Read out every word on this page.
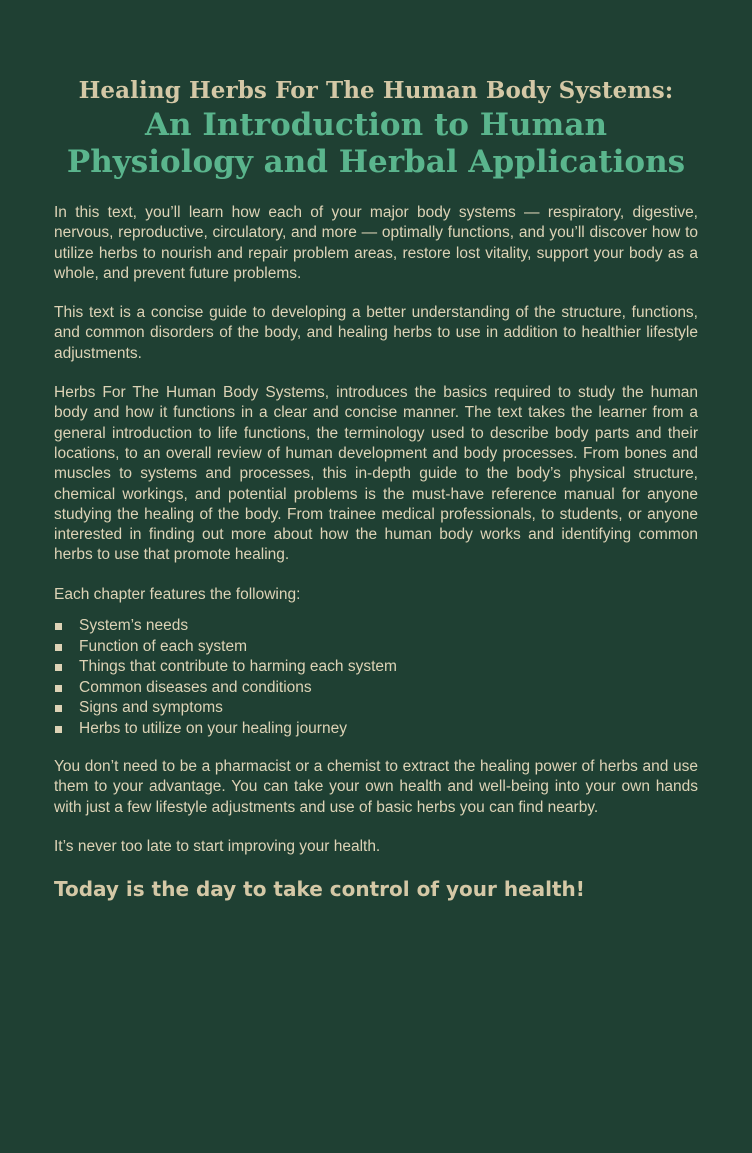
Healing Herbs For The Human Body Systems:
An Introduction to Human
Physiology and Herbal Applications

In this text, you’ll learn how each of your major body systems — respiratory, digestive, nervous, reproductive, circulatory, and more — optimally functions, and you’ll discover how to utilize herbs to nourish and repair problem areas, restore lost vitality, support your body as a whole, and prevent future problems.

This text is a concise guide to developing a better understanding of the structure, functions, and common disorders of the body, and healing herbs to use in addition to healthier lifestyle adjustments.

Herbs For The Human Body Systems, introduces the basics required to study the human body and how it functions in a clear and concise manner. The text takes the learner from a general introduction to life functions, the terminology used to describe body parts and their locations, to an overall review of human development and body processes. From bones and muscles to systems and processes, this in-depth guide to the body’s physical structure, chemical workings, and potential problems is the must-have reference manual for anyone studying the healing of the body. From trainee medical professionals, to students, or anyone interested in finding out more about how the human body works and identifying common herbs to use that promote healing.

Each chapter features the following:

System’s needs
Function of each system
Things that contribute to harming each system
Common diseases and conditions
Signs and symptoms
Herbs to utilize on your healing journey

You don’t need to be a pharmacist or a chemist to extract the healing power of herbs and use them to your advantage. You can take your own health and well-being into your own hands with just a few lifestyle adjustments and use of basic herbs you can find nearby.

It’s never too late to start improving your health.

Today is the day to take control of your health!
